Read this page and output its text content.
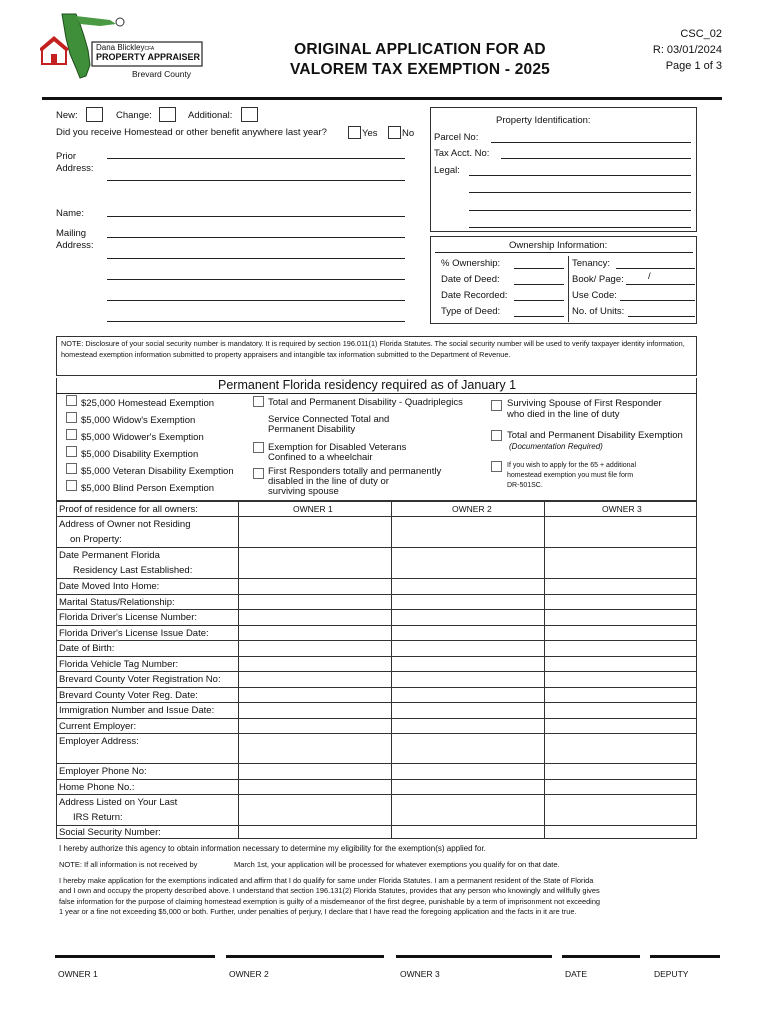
Dana BlickleyCFA
PROPERTY APPRAISER
Brevard County
ORIGINAL APPLICATION FOR AD
VALOREM TAX EXEMPTION - 2025
CSC_02
R: 03/01/2024
Page 1 of 3
New:	Change:	Additional:
Did you receive Homestead or other benefit anywhere last year?	Yes	No
Prior
Address:
Name:
Mailing
Address:
Property Identification:
Parcel No:
Tax Acct. No:
Legal:
Ownership Information:
% Ownership:
Date of Deed:
Date Recorded:
Type of Deed:
Tenancy:
Book/ Page:	/
Use Code:
No. of Units:
NOTE: Disclosure of your social security number is mandatory. It is required by section 196.011(1) Florida Statutes. The social security number will be used to verify taxpayer identity information, homestead exemption information submitted to property appraisers and intangible tax information submitted to the Department of Revenue.
Permanent Florida residency required as of January 1
$25,000 Homestead Exemption
$5,000 Widow's Exemption
$5,000 Widower's Exemption
$5,000 Disability Exemption
$5,000 Veteran Disability Exemption
$5,000 Blind Person Exemption
Total and Permanent Disability - Quadriplegics
Service Connected Total and
Permanent Disability
Exemption for Disabled Veterans
Confined to a wheelchair
First Responders totally and permanently
disabled in the line of duty or
surviving spouse
Surviving Spouse of First Responder
who died in the line of duty
Total and Permanent Disability Exemption
(Documentation Required)
If you wish to apply for the 65 + additional
homestead exemption you must file form
DR-501SC.
Proof of residence for all owners:	OWNER 1	OWNER 2	OWNER 3
Address of Owner not Residing
on Property:
Date Permanent Florida
Residency Last Established:
Date Moved Into Home:
Marital Status/Relationship:
Florida Driver's License Number:
Florida Driver's License Issue Date:
Date of Birth:
Florida Vehicle Tag Number:
Brevard County Voter Registration No:
Brevard County Voter Reg. Date:
Immigration Number and Issue Date:
Current Employer:
Employer Address:
Employer Phone No:
Home Phone No.:
Address Listed on Your Last
IRS Return:
Social Security Number:
I hereby authorize this agency to obtain information necessary to determine my eligibility for the exemption(s) applied for.
NOTE: If all information is not received by	March 1st, your application will be processed for whatever exemptions you qualify for on that date.
I hereby make application for the exemptions indicated and affirm that I do qualify for same under Florida Statutes. I am a permanent resident of the State of Florida
and I own and occupy the property described above. I understand that section 196.131(2) Florida Statutes, provides that any person who knowingly and willfully gives
false information for the purpose of claiming homestead exemption is guilty of a misdemeanor of the first degree, punishable by a term of imprisonment not exceeding
1 year or a fine not exceeding $5,000 or both. Further, under penalties of perjury, I declare that I have read the foregoing application and the facts in it are true.
OWNER 1	OWNER 2	OWNER 3	DATE	DEPUTY
